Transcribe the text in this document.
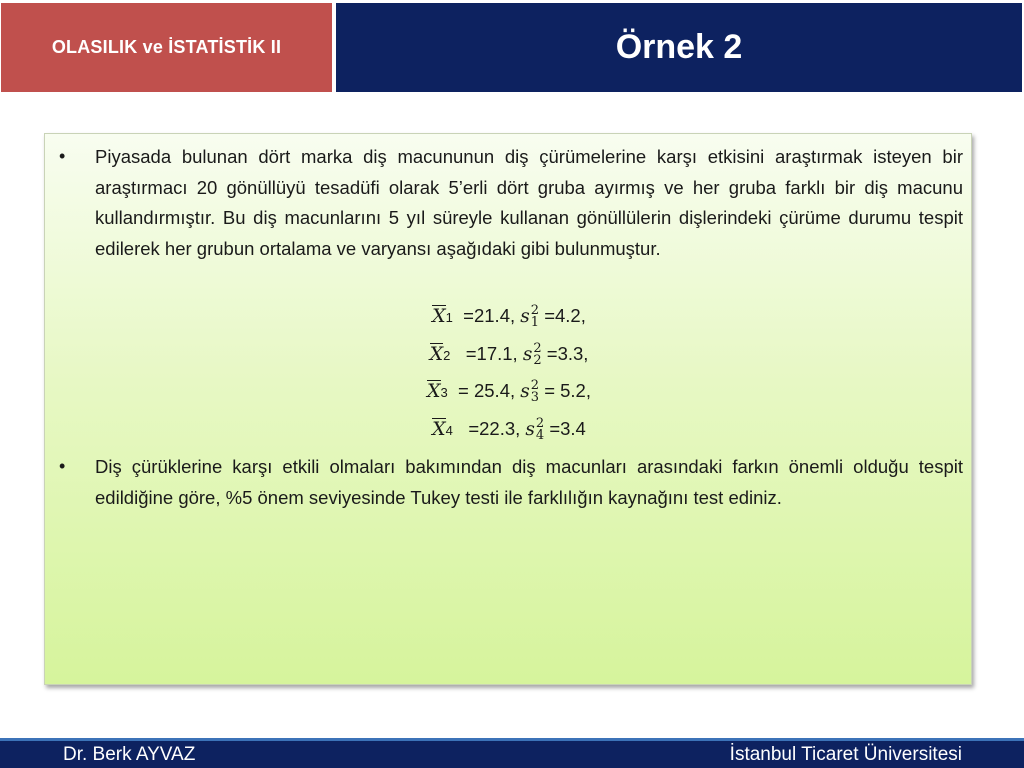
OLASILIK ve İSTATİSTİK II	Örnek 2
• Piyasada bulunan dört marka diş macununun diş çürümelerine karşı etkisini araştırmak isteyen bir araştırmacı 20 gönüllüyü tesadüfi olarak 5’erli dört gruba ayırmış ve her gruba farklı bir diş macunu kullandırmıştır. Bu diş macunlarını 5 yıl süreyle kullanan gönüllülerin dişlerindeki çürüme durumu tespit edilerek her grubun ortalama ve varyansı aşağıdaki gibi bulunmuştur.
X1 =21.4, s 2
1 =4.2,
X2 =17.1, s 2
2 =3.3,
X3 = 25.4, s 2
3 = 5.2,
X4 =22.3, s 2
4 =3.4
• Diş çürüklerine karşı etkili olmaları bakımından diş macunları arasındaki farkın önemli olduğu tespit edildiğine göre, %5 önem seviyesinde Tukey testi ile farklılığın kaynağını test ediniz.
Dr. Berk AYVAZ	İstanbul Ticaret Üniversitesi
